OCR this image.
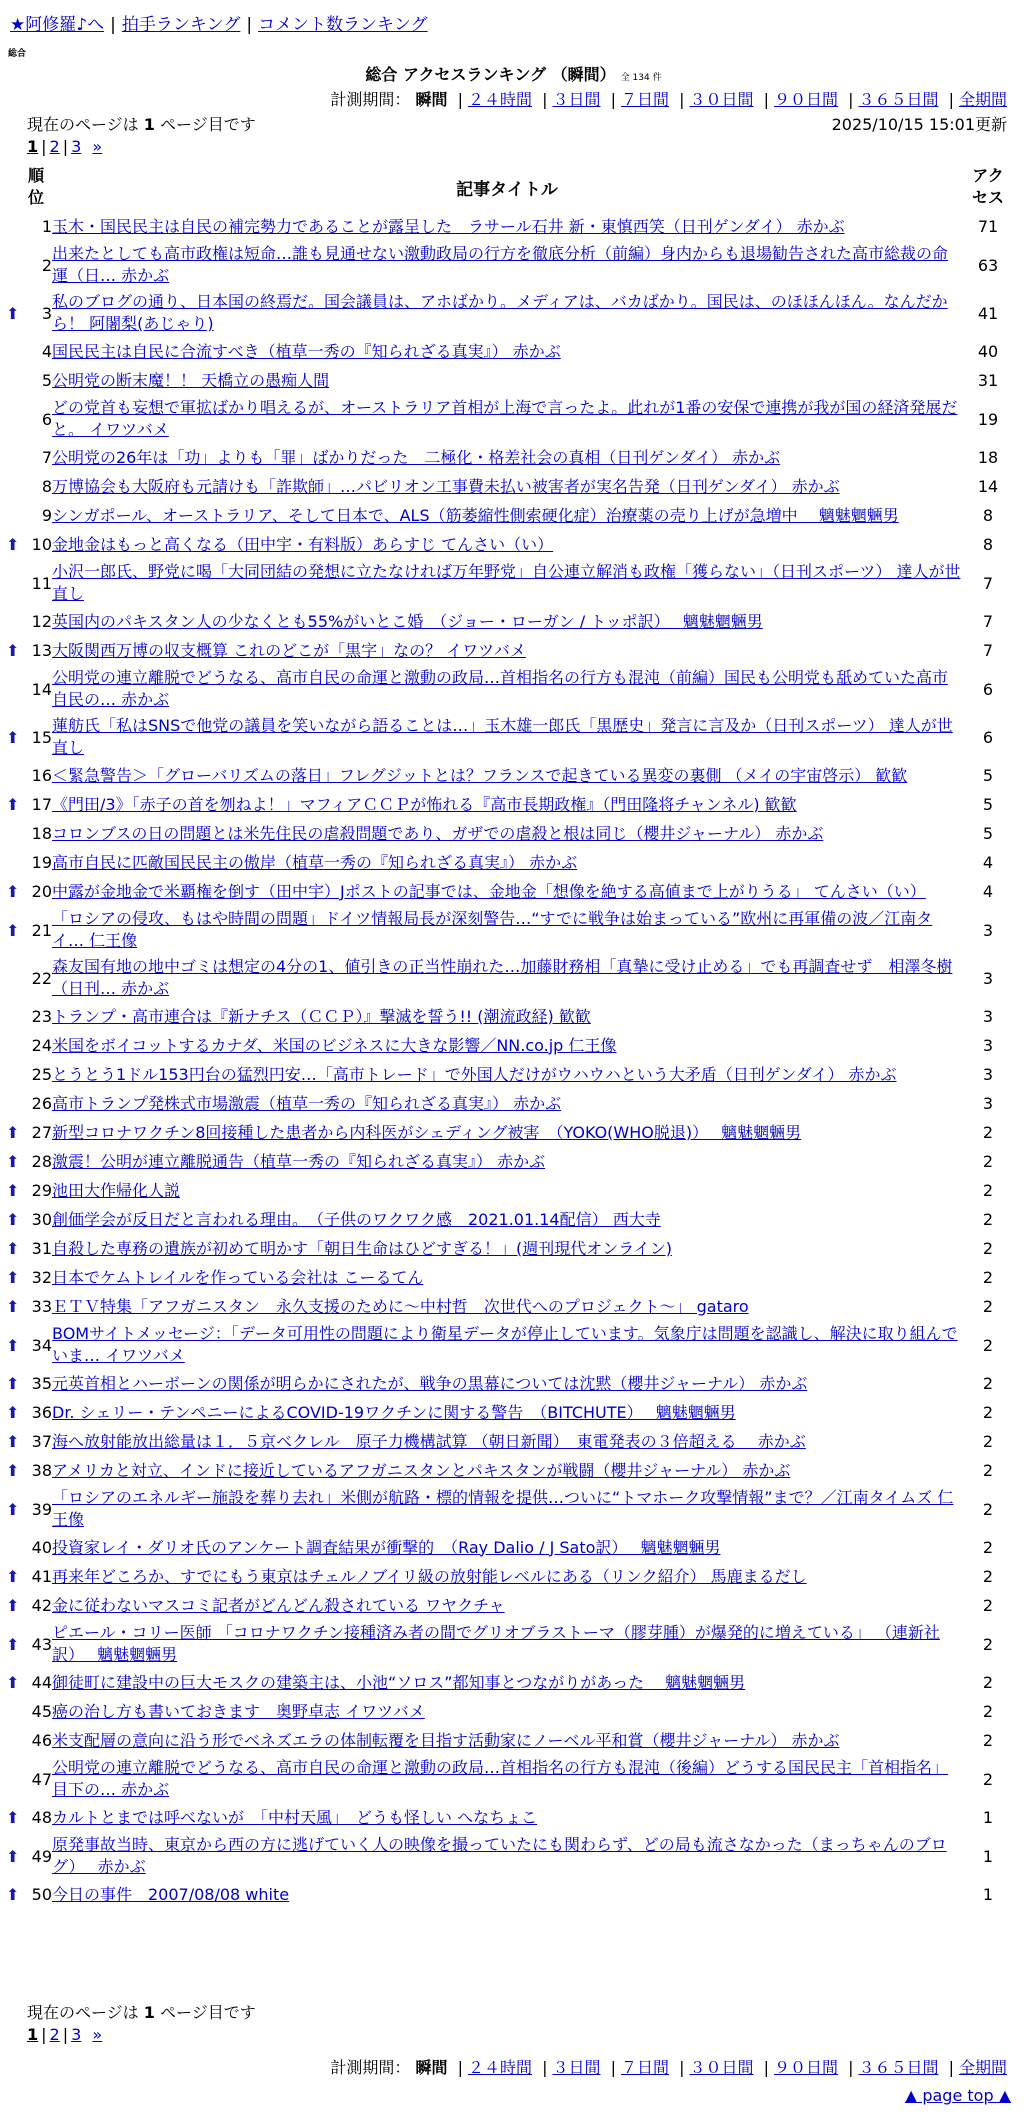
★阿修羅♪へ | 拍手ランキング | コメント数ランキング
総合
総合 アクセスランキング （瞬間） 全 134 件
計測期間： 瞬間 | ２４時間 | ３日間 | ７日間 | ３０日間 | ９０日間 | ３６５日間 | 全期間
現在のページは 1 ページ目です	2025/10/15 15:01更新
1 | 2 | 3 »
	順位	記事タイトル	アクセス
	1	玉木・国民民主は自民の補完勢力であることが露呈した　ラサール石井 新・東慎西笑（日刊ゲンダイ） 赤かぶ	71
	2	出来たとしても高市政権は短命…誰も見通せない激動政局の行方を徹底分析（前編）身内からも退場勧告された高市総裁の命運（日… 赤かぶ	63
⬆	3	私のブログの通り、日本国の終焉だ。国会議員は、アホばかり。メディアは、バカばかり。国民は、のほほんほん。なんだから！ 阿闍梨(あじゃり)	41
	4	国民民主は自民に合流すべき（植草一秀の『知られざる真実』） 赤かぶ	40
	5	公明党の断末魔！！ 天橋立の愚痴人間	31
	6	どの党首も妄想で軍拡ばかり唱えるが、オーストラリア首相が上海で言ったよ。此れが1番の安保で連携が我が国の経済発展だと。 イワツバメ	19
	7	公明党の26年は「功」よりも「罪」ばかりだった　二極化・格差社会の真相（日刊ゲンダイ） 赤かぶ	18
	8	万博協会も大阪府も元請けも「詐欺師」…パビリオン工事費未払い被害者が実名告発（日刊ゲンダイ） 赤かぶ	14
	9	シンガポール、オーストラリア、そして日本で、ALS（筋萎縮性側索硬化症）治療薬の売り上げが急増中　 魑魅魍魎男	8
⬆	10	金地金はもっと高くなる（田中宇・有料版）あらすじ てんさい（い）	8
	11	小沢一郎氏、野党に喝「大同団結の発想に立たなければ万年野党」自公連立解消も政権「獲らない」（日刊スポーツ） 達人が世直し	7
	12	英国内のパキスタン人の少なくとも55%がいとこ婚　（ジョー・ローガン / トッポ訳）　 魑魅魍魎男	7
⬆	13	大阪関西万博の収支概算 これのどこが「黒字」なの？ イワツバメ	7
	14	公明党の連立離脱でどうなる、高市自民の命運と激動の政局…首相指名の行方も混沌（前編）国民も公明党も舐めていた高市自民の… 赤かぶ	6
⬆	15	蓮舫氏「私はSNSで他党の議員を笑いながら語ることは…」玉木雄一郎氏「黒歴史」発言に言及か（日刊スポーツ） 達人が世直し	6
	16	＜緊急警告＞「グローバリズムの落日」フレグジットとは？フランスで起きている異変の裏側 （メイの宇宙啓示） 歓歓	5
⬆	17	《門田/3》「赤子の首を刎ねよ！」マフィアＣＣＰが怖れる『高市長期政権』（門田隆将チャンネル) 歓歓	5
	18	コロンブスの日の問題とは米先住民の虐殺問題であり、ガザでの虐殺と根は同じ（櫻井ジャーナル） 赤かぶ	5
	19	高市自民に匹敵国民民主の傲岸（植草一秀の『知られざる真実』） 赤かぶ	4
⬆	20	中露が金地金で米覇権を倒す（田中宇）Jポストの記事では、金地金「想像を絶する高値まで上がりうる」 てんさい（い）	4
⬆	21	「ロシアの侵攻、もはや時間の問題」ドイツ情報局長が深刻警告…“すでに戦争は始まっている”欧州に再軍備の波／江南タイ… 仁王像	3
	22	森友国有地の地中ゴミは想定の4分の1、値引きの正当性崩れた…加藤財務相「真摯に受け止める」でも再調査せず　相澤冬樹（日刊… 赤かぶ	3
	23	トランプ・高市連合は『新ナチス（ＣＣＰ）』撃滅を誓う!! (潮流政経) 歓歓	3
	24	米国をボイコットするカナダ、米国のビジネスに大きな影響／NN.co.jp 仁王像	3
	25	とうとう1ドル153円台の猛烈円安…「高市トレード」で外国人だけがウハウハという大矛盾（日刊ゲンダイ） 赤かぶ	3
	26	高市トランプ発株式市場激震（植草一秀の『知られざる真実』） 赤かぶ	3
⬆	27	新型コロナワクチン8回接種した患者から内科医がシェディング被害　（YOKO(WHO脱退)）　 魑魅魍魎男	2
⬆	28	激震！公明が連立離脱通告（植草一秀の『知られざる真実』） 赤かぶ	2
⬆	29	池田大作帰化人説	2
⬆	30	創価学会が反日だと言われる理由。　（子供のワクワク感　2021.01.14配信） 西大寺	2
⬆	31	自殺した専務の遺族が初めて明かす「朝日生命はひどすぎる！」(週刊現代オンライン)	2
⬆	32	日本でケムトレイルを作っている会社は こーるてん	2
⬆	33	ＥＴＶ特集「アフガニスタン　永久支援のために～中村哲　次世代へのプロジェクト～」 gataro	2
⬆	34	BOMサイトメッセージ：「データ可用性の問題により衛星データが停止しています。気象庁は問題を認識し、解決に取り組んでいま… イワツバメ	2
⬆	35	元英首相とハーボーンの関係が明らかにされたが、戦争の黒幕については沈黙（櫻井ジャーナル） 赤かぶ	2
⬆	36	Dr. シェリー・テンペニーによるCOVID-19ワクチンに関する警告　（BITCHUTE）　 魑魅魍魎男	2
⬆	37	海へ放射能放出総量は１．５京ベクレル　原子力機構試算 （朝日新聞）　東電発表の３倍超える　 赤かぶ	2
⬆	38	アメリカと対立、インドに接近しているアフガニスタンとパキスタンが戦闘（櫻井ジャーナル） 赤かぶ	2
⬆	39	「ロシアのエネルギー施設を葬り去れ」米側が航路・標的情報を提供…ついに“トマホーク攻撃情報”まで？／江南タイムズ 仁王像	2
	40	投資家レイ・ダリオ氏のアンケート調査結果が衝撃的　（Ray Dalio / J Sato訳）　 魑魅魍魎男	2
⬆	41	再来年どころか、すでにもう東京はチェルノブイリ級の放射能レベルにある（リンク紹介） 馬鹿まるだし	2
⬆	42	金に従わないマスコミ記者がどんどん殺されている ワヤクチャ	2
⬆	43	ピエール・コリー医師 「コロナワクチン接種済み者の間でグリオブラストーマ（膠芽腫）が爆発的に増えている」 （連新社訳）　 魑魅魍魎男	2
⬆	44	御徒町に建設中の巨大モスクの建築主は、小池“ソロス”都知事とつながりがあった　 魑魅魍魎男	2
	45	癌の治し方も書いておきます　奥野卓志 イワツバメ	2
	46	米支配層の意向に沿う形でベネズエラの体制転覆を目指す活動家にノーベル平和賞（櫻井ジャーナル） 赤かぶ	2
	47	公明党の連立離脱でどうなる、高市自民の命運と激動の政局…首相指名の行方も混沌（後編）どうする国民民主「首相指名」目下の… 赤かぶ	2
⬆	48	カルトとまでは呼べないが　「中村天風」　どうも怪しい へなちょこ	1
⬆	49	原発事故当時、東京から西の方に逃げていく人の映像を撮っていたにも関わらず、どの局も流さなかった（まっちゃんのブログ）　 赤かぶ	1
⬆	50	今日の事件　2007/08/08 white	1
現在のページは 1 ページ目です
1 | 2 | 3 »
計測期間： 瞬間 | ２４時間 | ３日間 | ７日間 | ３０日間 | ９０日間 | ３６５日間 | 全期間
▲ page top ▲
